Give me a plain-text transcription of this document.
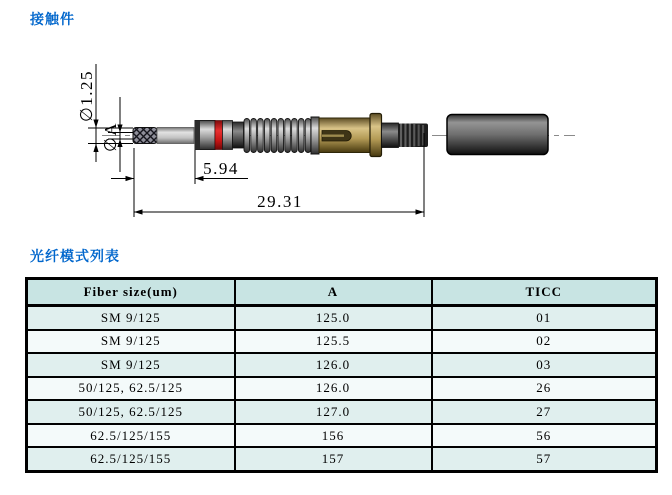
接触件
∅1.25
∅A
5.94
29.31
光纤模式列表
Fiber size(um)	A	TICC
SM 9/125	125.0	01
SM 9/125	125.5	02
SM 9/125	126.0	03
50/125, 62.5/125	126.0	26
50/125, 62.5/125	127.0	27
62.5/125/155	156	56
62.5/125/155	157	57
